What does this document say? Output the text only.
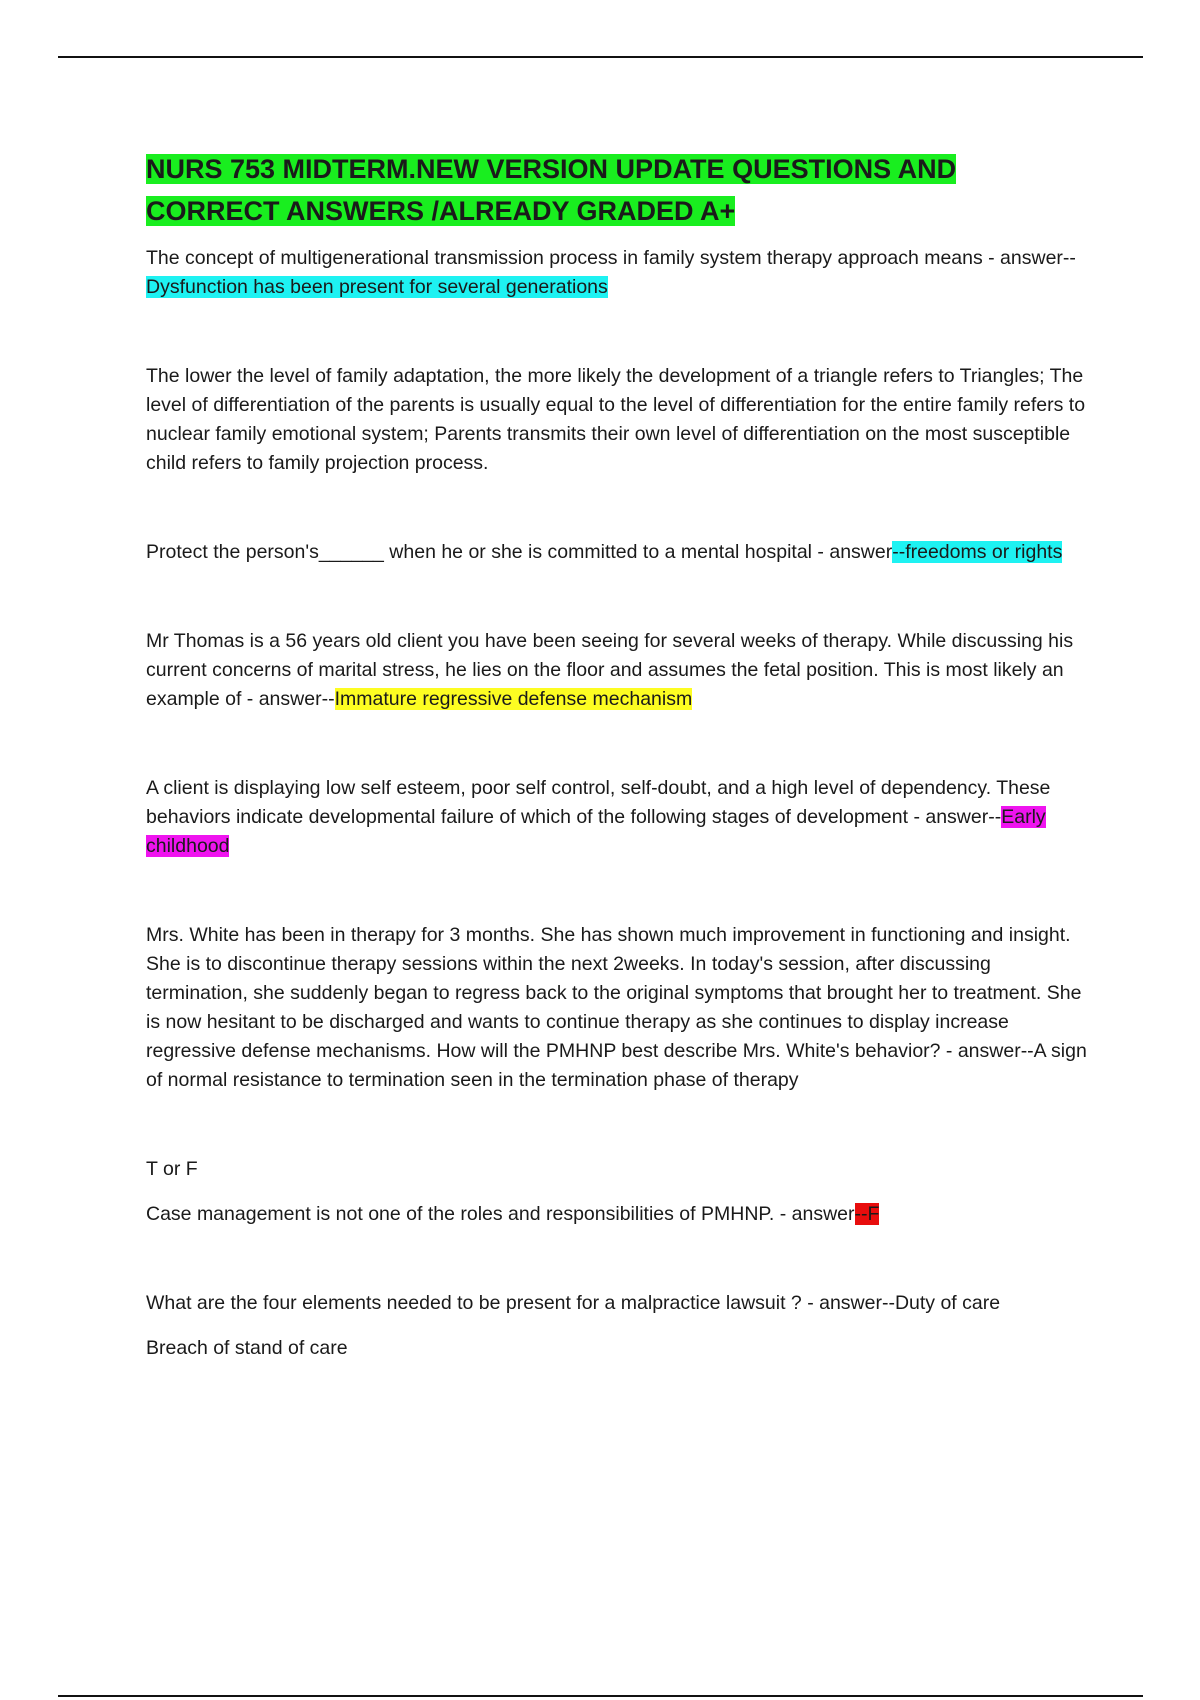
NURS 753 MIDTERM.NEW VERSION UPDATE QUESTIONS AND CORRECT ANSWERS /ALREADY GRADED A+

The concept of multigenerational transmission process in family system therapy approach means - answer--Dysfunction has been present for several generations

The lower the level of family adaptation, the more likely the development of a triangle refers to Triangles; The level of differentiation of the parents is usually equal to the level of differentiation for the entire family refers to nuclear family emotional system; Parents transmits their own level of differentiation on the most susceptible child refers to family projection process.

Protect the person's______ when he or she is committed to a mental hospital - answer--freedoms or rights

Mr Thomas is a 56 years old client you have been seeing for several weeks of therapy. While discussing his current concerns of marital stress, he lies on the floor and assumes the fetal position. This is most likely an example of - answer--Immature regressive defense mechanism

A client is displaying low self esteem, poor self control, self-doubt, and a high level of dependency. These behaviors indicate developmental failure of which of the following stages of development - answer--Early childhood

Mrs. White has been in therapy for 3 months. She has shown much improvement in functioning and insight. She is to discontinue therapy sessions within the next 2weeks. In today's session, after discussing termination, she suddenly began to regress back to the original symptoms that brought her to treatment. She is now hesitant to be discharged and wants to continue therapy as she continues to display increase regressive defense mechanisms. How will the PMHNP best describe Mrs. White's behavior? - answer--A sign of normal resistance to termination seen in the termination phase of therapy

T or F

Case management is not one of the roles and responsibilities of PMHNP. - answer--F

What are the four elements needed to be present for a malpractice lawsuit ? - answer--Duty of care

Breach of stand of care
